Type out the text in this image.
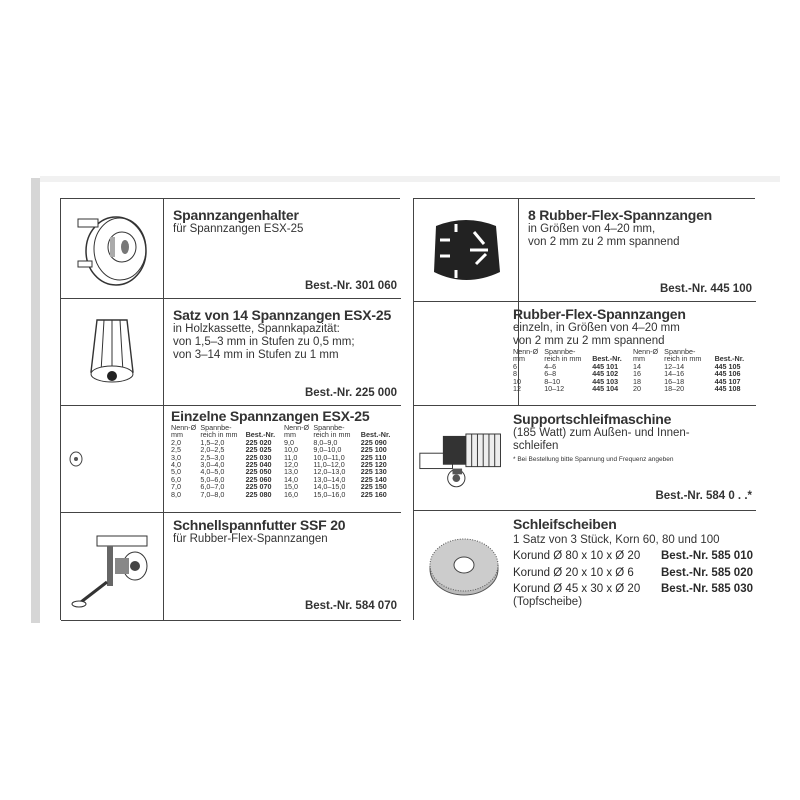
Spannzangenhalter
für Spannzangen ESX-25
Best.-Nr. 301 060
Satz von 14 Spannzangen ESX-25
in Holzkassette, Spannkapazität:
von 1,5–3 mm in Stufen zu 0,5 mm;
von 3–14 mm in Stufen zu 1 mm
Best.-Nr. 225 000
Einzelne Spannzangen ESX-25
Nenn-Ø mm	Spannbe- reich in mm	Best.-Nr.	Nenn-Ø mm	Spannbe- reich in mm	Best.-Nr.
2,0	1,5–2,0	225 020	9,0	8,0–9,0	225 090
2,5	2,0–2,5	225 025	10,0	9,0–10,0	225 100
3,0	2,5–3,0	225 030	11,0	10,0–11,0	225 110
4,0	3,0–4,0	225 040	12,0	11,0–12,0	225 120
5,0	4,0–5,0	225 050	13,0	12,0–13,0	225 130
6,0	5,0–6,0	225 060	14,0	13,0–14,0	225 140
7,0	6,0–7,0	225 070	15,0	14,0–15,0	225 150
8,0	7,0–8,0	225 080	16,0	15,0–16,0	225 160
Schnellspannfutter SSF 20
für Rubber-Flex-Spannzangen
Best.-Nr. 584 070
8 Rubber-Flex-Spannzangen
in Größen von 4–20 mm,
von 2 mm zu 2 mm spannend
Best.-Nr. 445 100
Rubber-Flex-Spannzangen
einzeln, in Größen von 4–20 mm
von 2 mm zu 2 mm spannend
Nenn-Ø mm	Spannbe- reich in mm	Best.-Nr.	Nenn-Ø mm	Spannbe- reich in mm	Best.-Nr.
6	4–6	445 101	14	12–14	445 105
8	6–8	445 102	16	14–16	445 106
10	8–10	445 103	18	16–18	445 107
12	10–12	445 104	20	18–20	445 108
Supportschleifmaschine
(185 Watt) zum Außen- und Innen-
schleifen
* Bei Bestellung bitte Spannung und Frequenz angeben
Best.-Nr. 584 0 . .*
Schleifscheiben
1 Satz von 3 Stück, Korn 60, 80 und 100
Korund Ø 80 x 10 x Ø 20 Best.-Nr. 585 010
Korund Ø 20 x 10 x Ø 6 Best.-Nr. 585 020
Korund Ø 45 x 30 x Ø 20 Best.-Nr. 585 030
(Topfscheibe)
